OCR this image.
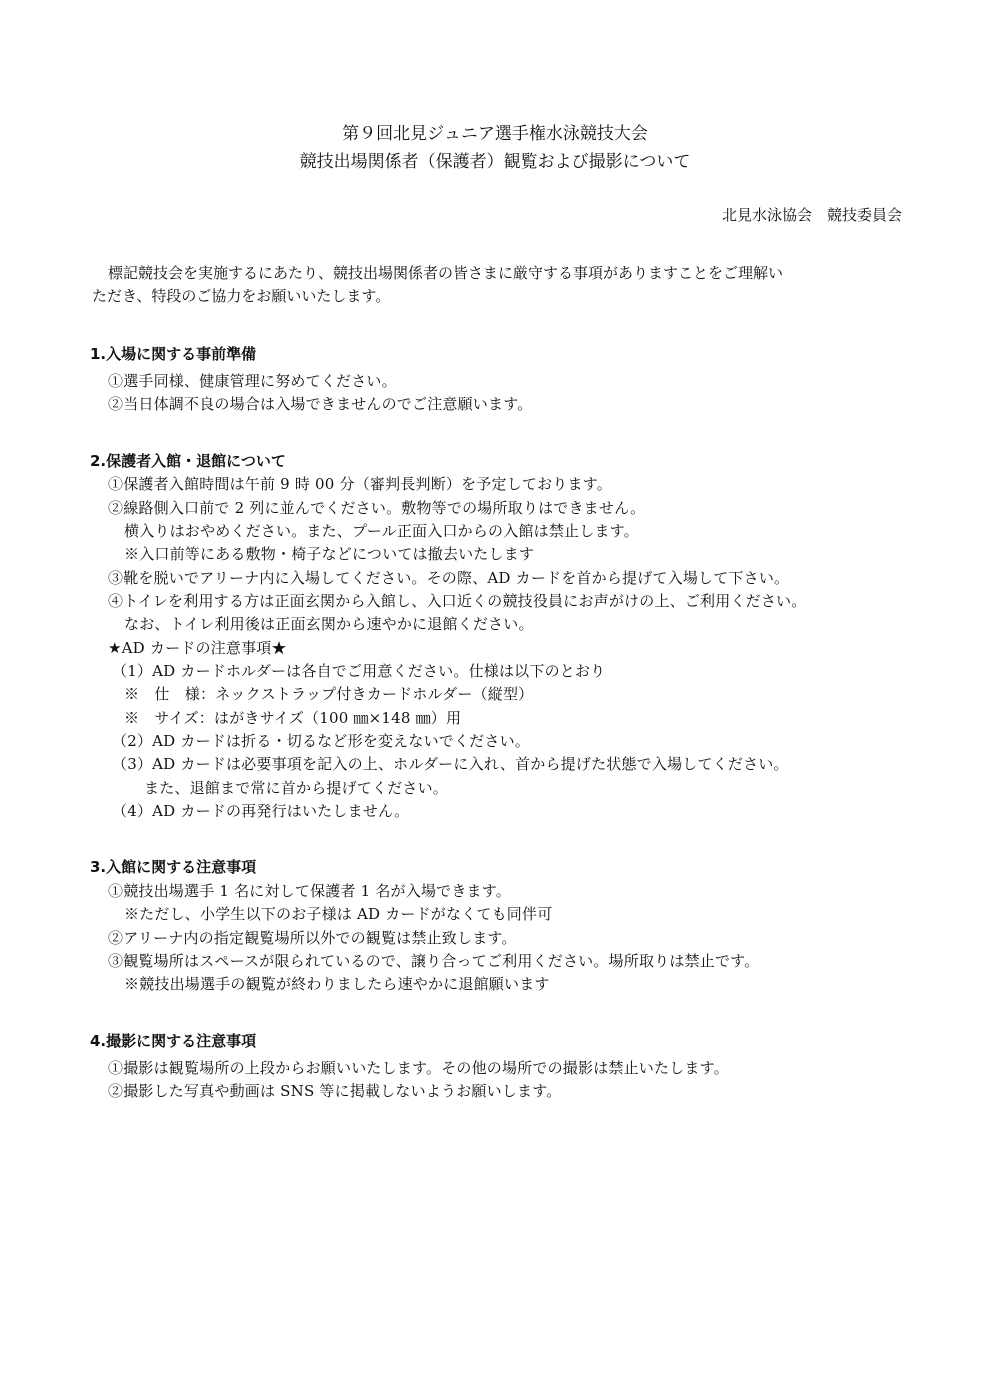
第９回北見ジュニア選手権水泳競技大会
競技出場関係者（保護者）観覧および撮影について
北見水泳協会　競技委員会
標記競技会を実施するにあたり、競技出場関係者の皆さまに厳守する事項がありますことをご理解い
ただき、特段のご協力をお願いいたします。
1.入場に関する事前準備
①選手同様、健康管理に努めてください。
②当日体調不良の場合は入場できませんのでご注意願います。
2.保護者入館・退館について
①保護者入館時間は午前 9 時 00 分（審判長判断）を予定しております。
②線路側入口前で 2 列に並んでください。敷物等での場所取りはできません。
横入りはおやめください。また、プール正面入口からの入館は禁止します。
※入口前等にある敷物・椅子などについては撤去いたします
③靴を脱いでアリーナ内に入場してください。その際、AD カードを首から提げて入場して下さい。
④トイレを利用する方は正面玄関から入館し、入口近くの競技役員にお声がけの上、ご利用ください。
なお、トイレ利用後は正面玄関から速やかに退館ください。
★AD カードの注意事項★
（1）AD カードホルダーは各自でご用意ください。仕様は以下のとおり
※　仕　様：ネックストラップ付きカードホルダー（縦型）
※　サイズ：はがきサイズ（100 ㎜×148 ㎜）用
（2）AD カードは折る・切るなど形を変えないでください。
（3）AD カードは必要事項を記入の上、ホルダーに入れ、首から提げた状態で入場してください。
また、退館まで常に首から提げてください。
（4）AD カードの再発行はいたしません。
3.入館に関する注意事項
①競技出場選手 1 名に対して保護者 1 名が入場できます。
※ただし、小学生以下のお子様は AD カードがなくても同伴可
②アリーナ内の指定観覧場所以外での観覧は禁止致します。
③観覧場所はスペースが限られているので、譲り合ってご利用ください。場所取りは禁止です。
※競技出場選手の観覧が終わりましたら速やかに退館願います
4.撮影に関する注意事項
①撮影は観覧場所の上段からお願いいたします。その他の場所での撮影は禁止いたします。
②撮影した写真や動画は SNS 等に掲載しないようお願いします。
